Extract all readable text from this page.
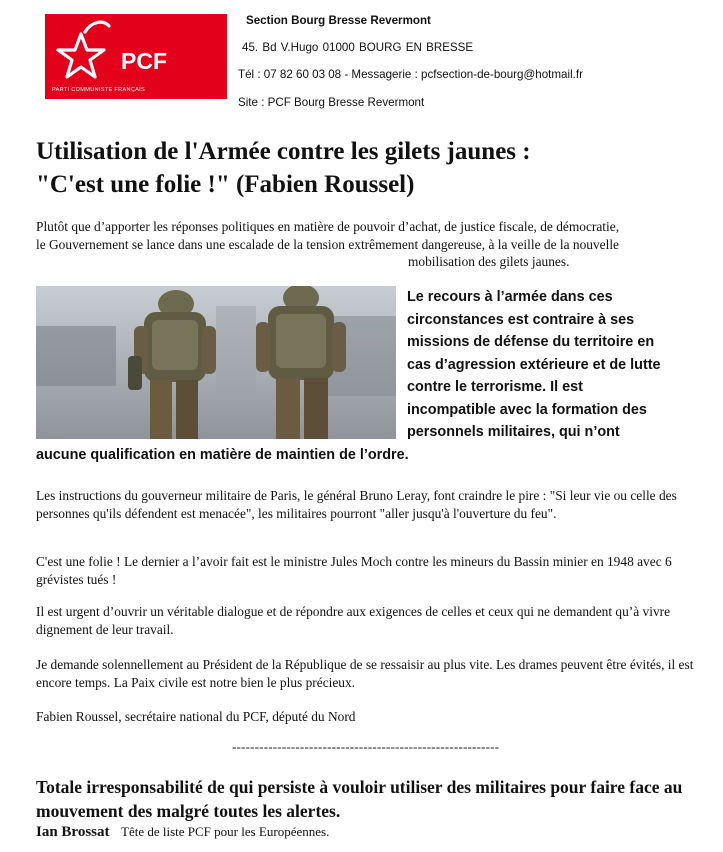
PCF
PARTI COMMUNISTE FRANÇAIS
Section Bourg Bresse Revermont
45. Bd V.Hugo 01000 BOURG EN BRESSE
Tél : 07 82 60 03 08 - Messagerie : pcfsection-de-bourg@hotmail.fr
Site : PCF Bourg Bresse Revermont
Utilisation de l'Armée contre les gilets jaunes :
"C'est une folie !" (Fabien Roussel)
Plutôt que d’apporter les réponses politiques en matière de pouvoir d’achat, de justice fiscale, de démocratie,
le Gouvernement se lance dans une escalade de la tension extrêmement dangereuse, à la veille de la nouvelle
mobilisation des gilets jaunes.
Le recours à l’armée dans ces
circonstances est contraire à ses
missions de défense du territoire en
cas d’agression extérieure et de lutte
contre le terrorisme. Il est
incompatible avec la formation des
personnels militaires, qui n’ont
aucune qualification en matière de maintien de l’ordre.

Les instructions du gouverneur militaire de Paris, le général Bruno Leray, font craindre le pire : "Si leur vie ou celle des personnes qu'ils défendent est menacée", les militaires pourront "aller jusqu'à l'ouverture du feu".

C'est une folie ! Le dernier a l’avoir fait est le ministre Jules Moch contre les mineurs du Bassin minier en 1948 avec 6 grévistes tués !

Il est urgent d’ouvrir un véritable dialogue et de répondre aux exigences de celles et ceux qui ne demandent qu’à vivre dignement de leur travail.

Je demande solennellement au Président de la République de se ressaisir au plus vite. Les drames peuvent être évités, il est encore temps. La Paix civile est notre bien le plus précieux.

Fabien Roussel, secrétaire national du PCF, député du Nord

-----------------------------------------------------------

Totale irresponsabilité de qui persiste à vouloir utiliser des militaires pour faire face au mouvement des malgré toutes les alertes.

Ian Brossat Tête de liste PCF pour les Européennes.
